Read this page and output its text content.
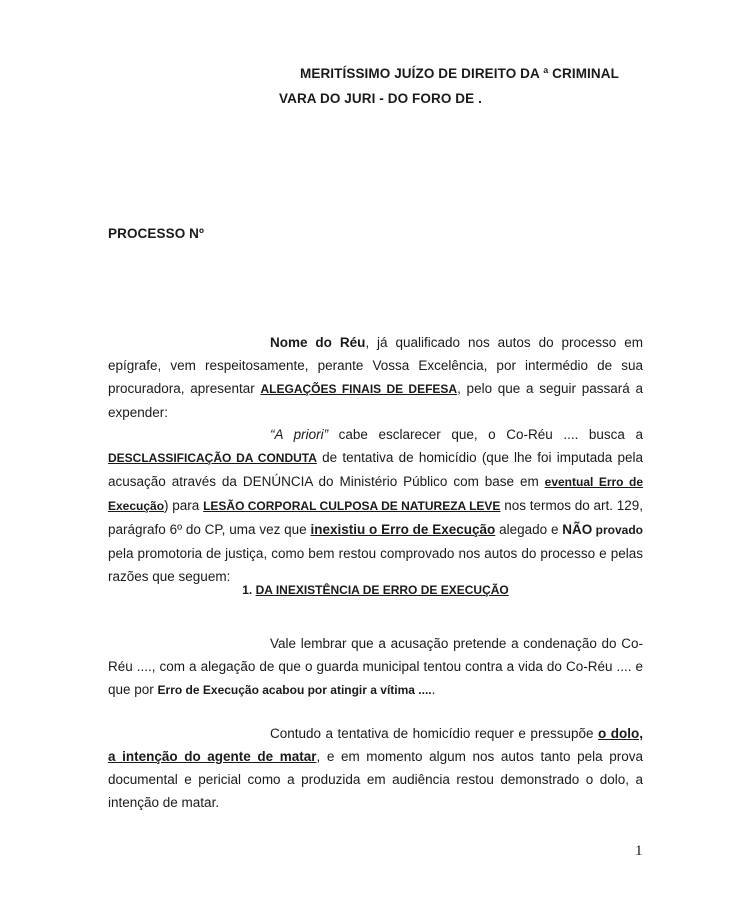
MERITÍSSIMO JUÍZO DE DIREITO DA ª CRIMINAL
VARA DO JURI - DO FORO DE .
PROCESSO Nº
Nome do Réu, já qualificado nos autos do processo em epígrafe, vem respeitosamente, perante Vossa Excelência, por intermédio de sua procuradora, apresentar ALEGAÇÕES FINAIS DE DEFESA, pelo que a seguir passará a expender:
“A priori” cabe esclarecer que, o Co-Réu .... busca a DESCLASSIFICAÇÃO DA CONDUTA de tentativa de homicídio (que lhe foi imputada pela acusação através da DENÚNCIA do Ministério Público com base em eventual Erro de Execução) para LESÃO CORPORAL CULPOSA DE NATUREZA LEVE nos termos do art. 129, parágrafo 6º do CP, uma vez que inexistiu o Erro de Execução alegado e NÃO provado pela promotoria de justiça, como bem restou comprovado nos autos do processo e pelas razões que seguem:
1. DA INEXISTÊNCIA DE ERRO DE EXECUÇÃO
Vale lembrar que a acusação pretende a condenação do Co-Réu ...., com a alegação de que o guarda municipal tentou contra a vida do Co-Réu .... e que por Erro de Execução acabou por atingir a vítima .....
Contudo a tentativa de homicídio requer e pressupõe o dolo, a intenção do agente de matar, e em momento algum nos autos tanto pela prova documental e pericial como a produzida em audiência restou demonstrado o dolo, a intenção de matar.
1
